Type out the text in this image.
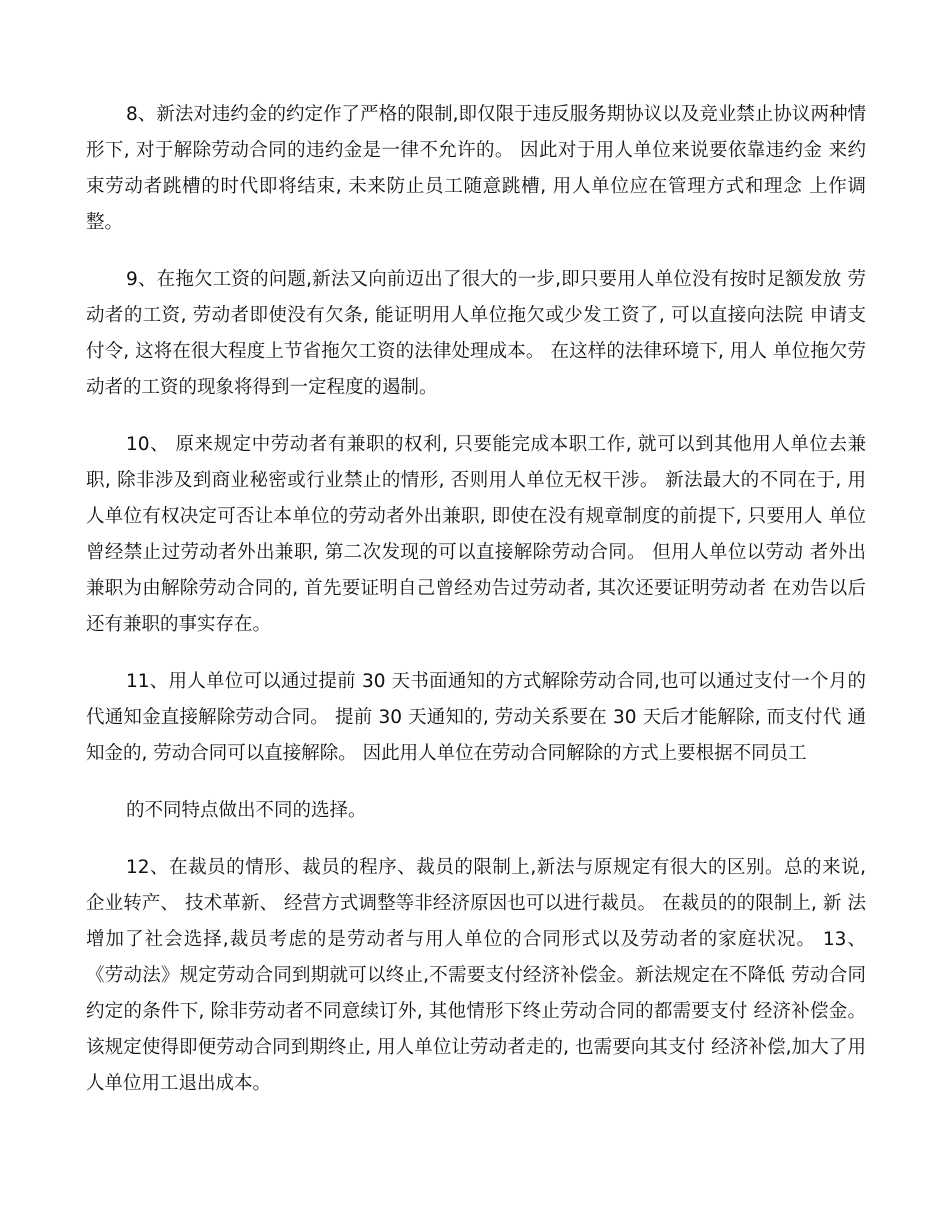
8、新法对违约金的约定作了严格的限制,即仅限于违反服务期协议以及竞业禁止协议两种情形下, 对于解除劳动合同的违约金是一律不允许的。 因此对于用人单位来说要依靠违约金 来约束劳动者跳槽的时代即将结束, 未来防止员工随意跳槽, 用人单位应在管理方式和理念 上作调整。

9、在拖欠工资的问题,新法又向前迈出了很大的一步,即只要用人单位没有按时足额发放 劳动者的工资, 劳动者即使没有欠条, 能证明用人单位拖欠或少发工资了, 可以直接向法院 申请支付令, 这将在很大程度上节省拖欠工资的法律处理成本。 在这样的法律环境下, 用人 单位拖欠劳动者的工资的现象将得到一定程度的遏制。

10、 原来规定中劳动者有兼职的权利, 只要能完成本职工作, 就可以到其他用人单位去兼职, 除非涉及到商业秘密或行业禁止的情形, 否则用人单位无权干涉。 新法最大的不同在于, 用 人单位有权决定可否让本单位的劳动者外出兼职, 即使在没有规章制度的前提下, 只要用人 单位曾经禁止过劳动者外出兼职, 第二次发现的可以直接解除劳动合同。 但用人单位以劳动 者外出兼职为由解除劳动合同的, 首先要证明自己曾经劝告过劳动者, 其次还要证明劳动者 在劝告以后还有兼职的事实存在。

11、用人单位可以通过提前 30 天书面通知的方式解除劳动合同,也可以通过支付一个月的 代通知金直接解除劳动合同。 提前 30 天通知的, 劳动关系要在 30 天后才能解除, 而支付代 通知金的, 劳动合同可以直接解除。 因此用人单位在劳动合同解除的方式上要根据不同员工

的不同特点做出不同的选择。

12、在裁员的情形、裁员的程序、裁员的限制上,新法与原规定有很大的区别。总的来说, 企业转产、 技术革新、 经营方式调整等非经济原因也可以进行裁员。 在裁员的的限制上, 新 法增加了社会选择,裁员考虑的是劳动者与用人单位的合同形式以及劳动者的家庭状况。 13、 《劳动法》规定劳动合同到期就可以终止,不需要支付经济补偿金。新法规定在不降低 劳动合同约定的条件下, 除非劳动者不同意续订外, 其他情形下终止劳动合同的都需要支付 经济补偿金。 该规定使得即便劳动合同到期终止, 用人单位让劳动者走的, 也需要向其支付 经济补偿,加大了用人单位用工退出成本。
